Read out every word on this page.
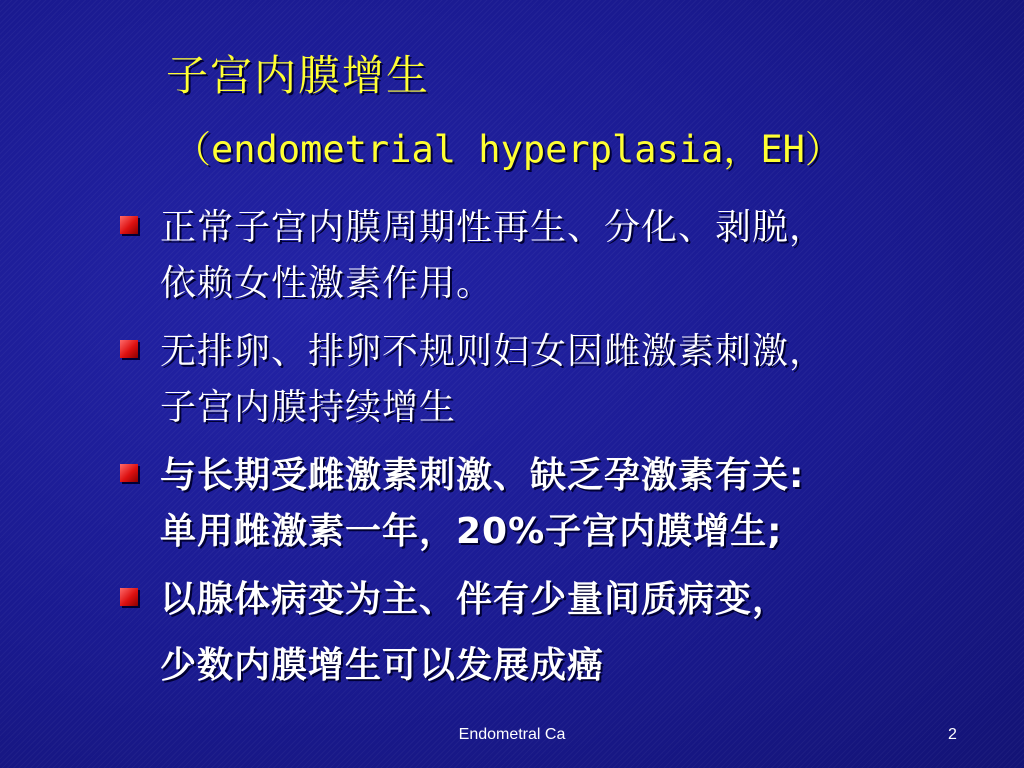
子宫内膜增生
（endometrial hyperplasia，EH）
正常子宫内膜周期性再生、分化、剥脱，
依赖女性激素作用。
无排卵、排卵不规则妇女因雌激素刺激，
子宫内膜持续增生
与长期受雌激素刺激、缺乏孕激素有关:
单用雌激素一年，20%子宫内膜增生;
以腺体病变为主、伴有少量间质病变，
少数内膜增生可以发展成癌
Endometral Ca	2
